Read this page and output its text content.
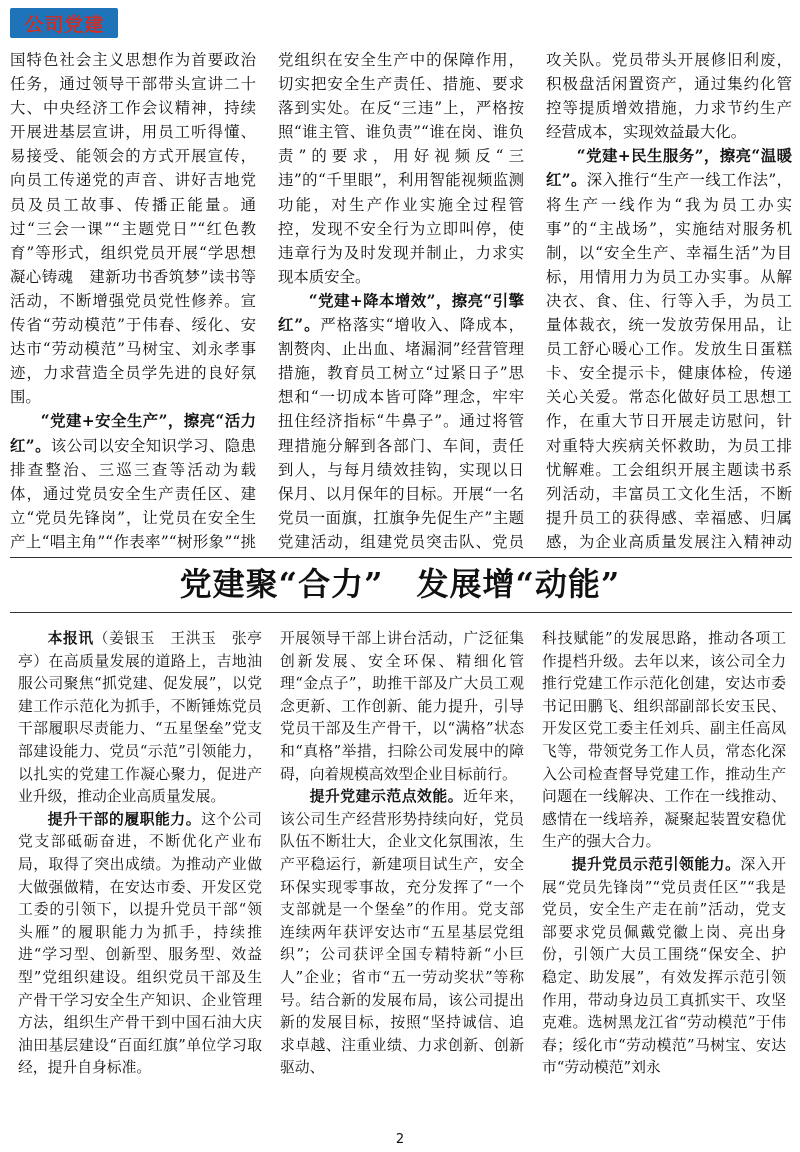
公司党建

国特色社会主义思想作为首要政治任务，通过领导干部带头宣讲二十大、中央经济工作会议精神，持续开展进基层宣讲，用员工听得懂、易接受、能领会的方式开展宣传，向员工传递党的声音、讲好吉地党员及员工故事、传播正能量。通过“三会一课”“主题党日”“红色教育”等形式，组织党员开展“学思想凝心铸魂　建新功书香筑梦”读书等活动，不断增强党员党性修养。宣传省“劳动模范”于伟春、绥化、安达市“劳动模范”马树宝、刘永孝事迹，力求营造全员学先进的良好氛围。

“党建+安全生产”，擦亮“活力红”。该公司以安全知识学习、隐患排查整治、三巡三查等活动为载体，通过党员安全生产责任区、建立“党员先锋岗”，让党员在安全生产上“唱主角”“作表率”“树形象”“挑

党组织在安全生产中的保障作用，切实把安全生产责任、措施、要求落到实处。在反“三违”上，严格按照“谁主管、谁负责”“谁在岗、谁负责”的要求，用好视频反“三违”的“千里眼”，利用智能视频监测功能，对生产作业实施全过程管控，发现不安全行为立即叫停，使违章行为及时发现并制止，力求实现本质安全。

“党建+降本增效”，擦亮“引擎红”。严格落实“增收入、降成本，割赘肉、止出血、堵漏洞”经营管理措施，教育员工树立“过紧日子”思想和“一切成本皆可降”理念，牢牢扭住经济指标“牛鼻子”。通过将管理措施分解到各部门、车间，责任到人，与每月绩效挂钩，实现以日保月、以月保年的目标。开展“一名党员一面旗，扛旗争先促生产”主题党建活动，组建党员突击队、党员

攻关队。党员带头开展修旧利废，积极盘活闲置资产，通过集约化管控等提质增效措施，力求节约生产经营成本，实现效益最大化。

“党建+民生服务”，擦亮“温暖红”。深入推行“生产一线工作法”，将生产一线作为“我为员工办实事”的“主战场”，实施结对服务机制，以“安全生产、幸福生活”为目标，用情用力为员工办实事。从解决衣、食、住、行等入手，为员工量体裁衣，统一发放劳保用品，让员工舒心暖心工作。发放生日蛋糕卡、安全提示卡，健康体检，传递关心关爱。常态化做好员工思想工作，在重大节日开展走访慰问，针对重特大疾病关怀救助，为员工排忧解难。工会组织开展主题读书系列活动，丰富员工文化生活，不断提升员工的获得感、幸福感、归属感，为企业高质量发展注入精神动

党建聚“合力”　发展增“动能”

本报讯（姜银玉　王洪玉　张亭亭）在高质量发展的道路上，吉地油服公司聚焦“抓党建、促发展”，以党建工作示范化为抓手，不断锤炼党员干部履职尽责能力、“五星堡垒”党支部建设能力、党员“示范”引领能力，以扎实的党建工作凝心聚力，促进产业升级，推动企业高质量发展。

提升干部的履职能力。这个公司党支部砥砺奋进，不断优化产业布局，取得了突出成绩。为推动产业做大做强做精，在安达市委、开发区党工委的引领下，以提升党员干部“领头雁”的履职能力为抓手，持续推进“学习型、创新型、服务型、效益型”党组织建设。组织党员干部及生产骨干学习安全生产知识、企业管理方法，组织生产骨干到中国石油大庆油田基层建设“百面红旗”单位学习取经，提升自身标准。

开展领导干部上讲台活动，广泛征集创新发展、安全环保、精细化管理“金点子”，助推干部及广大员工观念更新、工作创新、能力提升，引导党员干部及生产骨干，以“满格”状态和“真格”举措，扫除公司发展中的障碍，向着规模高效型企业目标前行。

提升党建示范点效能。近年来，该公司生产经营形势持续向好，党员队伍不断壮大，企业文化氛围浓，生产平稳运行，新建项目试生产，安全环保实现零事故，充分发挥了“一个支部就是一个堡垒”的作用。党支部连续两年获评安达市“五星基层党组织”；公司获评全国专精特新“小巨人”企业；省市“五一劳动奖状”等称号。结合新的发展布局，该公司提出新的发展目标，按照“坚持诚信、追求卓越、注重业绩、力求创新、创新驱动、

科技赋能”的发展思路，推动各项工作提档升级。去年以来，该公司全力推行党建工作示范化创建，安达市委书记田鹏飞、组织部副部长安玉民、开发区党工委主任刘兵、副主任高凤飞等，带领党务工作人员，常态化深入公司检查督导党建工作，推动生产问题在一线解决、工作在一线推动、感情在一线培养，凝聚起装置安稳优生产的强大合力。

提升党员示范引领能力。深入开展“党员先锋岗”“党员责任区”“我是党员，安全生产走在前”活动，党支部要求党员佩戴党徽上岗、亮出身份，引领广大员工围绕“保安全、护稳定、助发展”，有效发挥示范引领作用，带动身边员工真抓实干、攻坚克难。选树黑龙江省“劳动模范”于伟春；绥化市“劳动模范”马树宝、安达市“劳动模范”刘永

2
